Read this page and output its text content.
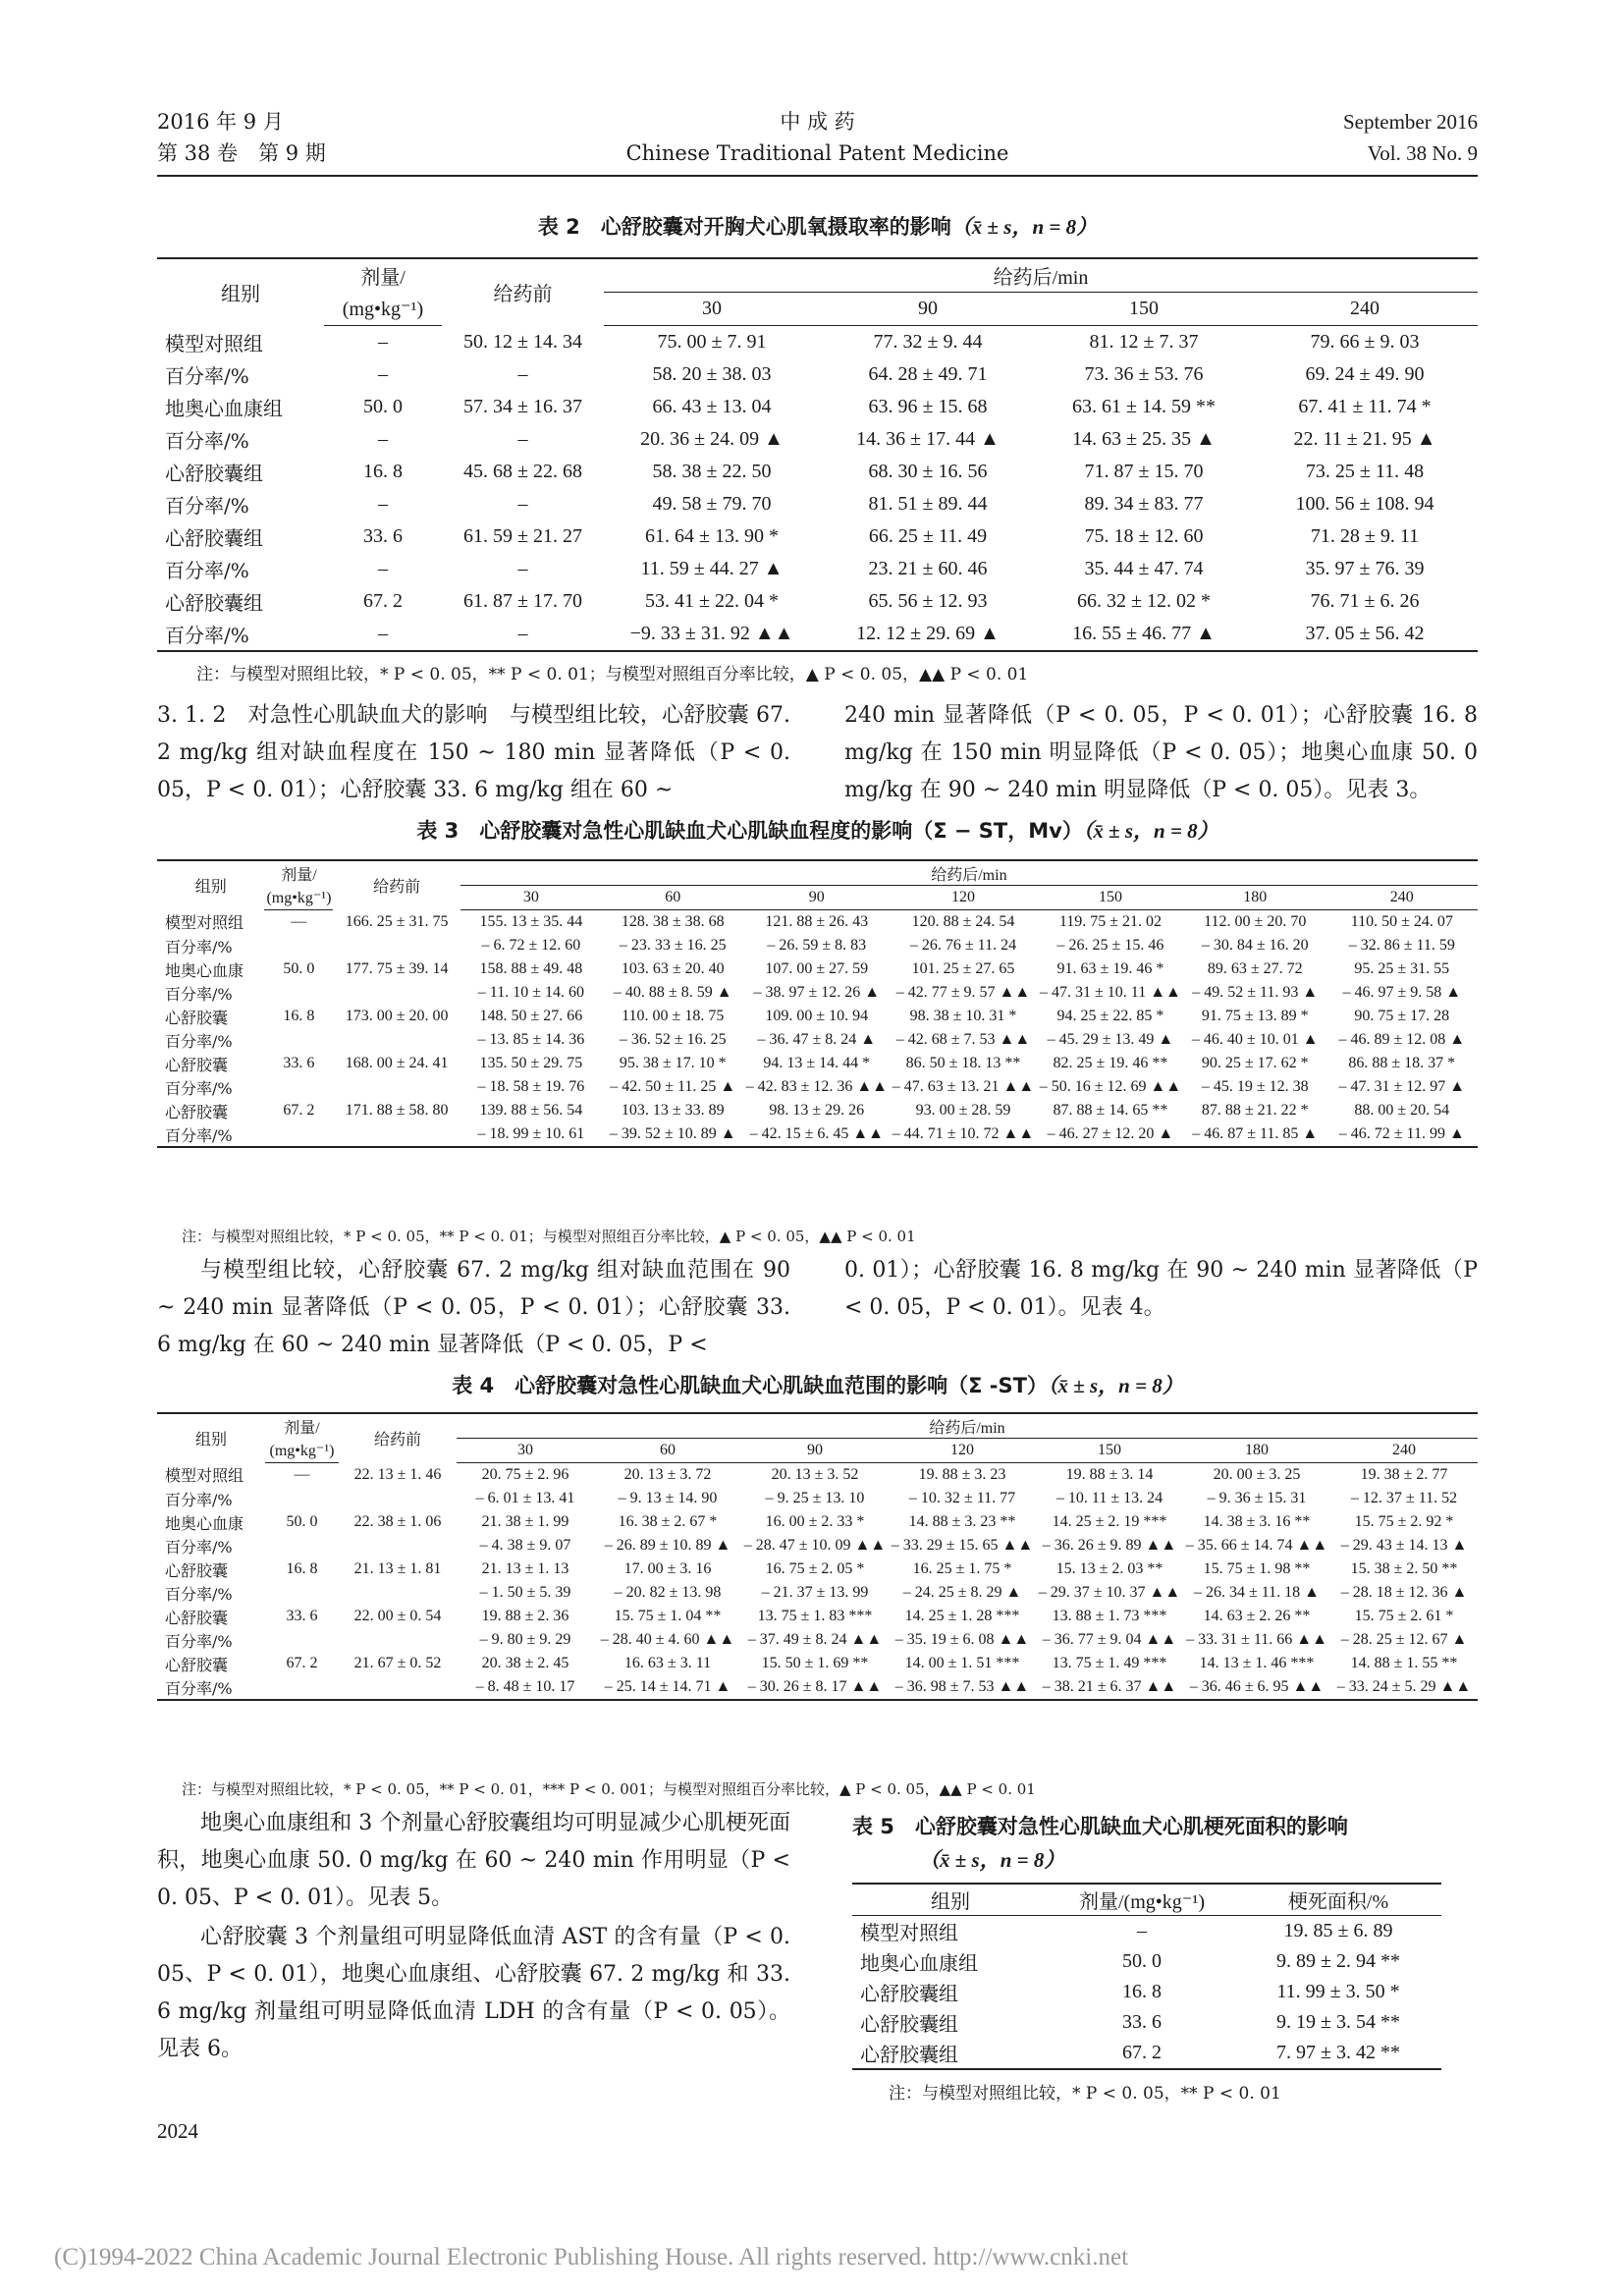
2016 年 9 月
第 38 卷　第 9 期
中 成 药
Chinese Traditional Patent Medicine
September 2016
Vol. 38 No. 9
表 2　心舒胶囊对开胸犬心肌氧摄取率的影响（x̄ ± s，n = 8）
组别	剂量/	给药前	给药后/min			
	(mg•kg⁻¹)		30	90	150	240
模型对照组	–	50. 12 ± 14. 34	75. 00 ± 7. 91	77. 32 ± 9. 44	81. 12 ± 7. 37	79. 66 ± 9. 03
百分率/%	–	–	58. 20 ± 38. 03	64. 28 ± 49. 71	73. 36 ± 53. 76	69. 24 ± 49. 90
地奥心血康组	50. 0	57. 34 ± 16. 37	66. 43 ± 13. 04	63. 96 ± 15. 68	63. 61 ± 14. 59 **	67. 41 ± 11. 74 *
百分率/%	–	–	20. 36 ± 24. 09 ▲	14. 36 ± 17. 44 ▲	14. 63 ± 25. 35 ▲	22. 11 ± 21. 95 ▲
心舒胶囊组	16. 8	45. 68 ± 22. 68	58. 38 ± 22. 50	68. 30 ± 16. 56	71. 87 ± 15. 70	73. 25 ± 11. 48
百分率/%	–	–	49. 58 ± 79. 70	81. 51 ± 89. 44	89. 34 ± 83. 77	100. 56 ± 108. 94
心舒胶囊组	33. 6	61. 59 ± 21. 27	61. 64 ± 13. 90 *	66. 25 ± 11. 49	75. 18 ± 12. 60	71. 28 ± 9. 11
百分率/%	–	–	11. 59 ± 44. 27 ▲	23. 21 ± 60. 46	35. 44 ± 47. 74	35. 97 ± 76. 39
心舒胶囊组	67. 2	61. 87 ± 17. 70	53. 41 ± 22. 04 *	65. 56 ± 12. 93	66. 32 ± 12. 02 *	76. 71 ± 6. 26
百分率/%	–	–	−9. 33 ± 31. 92 ▲▲	12. 12 ± 29. 69 ▲	16. 55 ± 46. 77 ▲	37. 05 ± 56. 42
注：与模型对照组比较，* P < 0. 05，** P < 0. 01；与模型对照组百分率比较，▲ P < 0. 05，▲▲ P < 0. 01

3. 1. 2　对急性心肌缺血犬的影响　与模型组比较，心舒胶囊 67. 2 mg/kg 组对缺血程度在 150 ~ 180 min 显著降低（P < 0. 05，P < 0. 01）；心舒胶囊 33. 6 mg/kg 组在 60 ~

240 min 显著降低（P < 0. 05，P < 0. 01）；心舒胶囊 16. 8 mg/kg 在 150 min 明显降低（P < 0. 05）；地奥心血康 50. 0 mg/kg 在 90 ~ 240 min 明显降低（P < 0. 05）。见表 3。

表 3　心舒胶囊对急性心肌缺血犬心肌缺血程度的影响（Σ − ST，Mv）（x̄ ± s，n = 8）
组别	剂量/	给药前	给药后/min						
	(mg•kg⁻¹)		30	60	90	120	150	180	240
模型对照组	—	166. 25 ± 31. 75	155. 13 ± 35. 44	128. 38 ± 38. 68	121. 88 ± 26. 43	120. 88 ± 24. 54	119. 75 ± 21. 02	112. 00 ± 20. 70	110. 50 ± 24. 07
百分率/%			– 6. 72 ± 12. 60	– 23. 33 ± 16. 25	– 26. 59 ± 8. 83	– 26. 76 ± 11. 24	– 26. 25 ± 15. 46	– 30. 84 ± 16. 20	– 32. 86 ± 11. 59
地奥心血康	50. 0	177. 75 ± 39. 14	158. 88 ± 49. 48	103. 63 ± 20. 40	107. 00 ± 27. 59	101. 25 ± 27. 65	91. 63 ± 19. 46 *	89. 63 ± 27. 72	95. 25 ± 31. 55
百分率/%			– 11. 10 ± 14. 60	– 40. 88 ± 8. 59 ▲	– 38. 97 ± 12. 26 ▲	– 42. 77 ± 9. 57 ▲▲	– 47. 31 ± 10. 11 ▲▲	– 49. 52 ± 11. 93 ▲	– 46. 97 ± 9. 58 ▲
心舒胶囊	16. 8	173. 00 ± 20. 00	148. 50 ± 27. 66	110. 00 ± 18. 75	109. 00 ± 10. 94	98. 38 ± 10. 31 *	94. 25 ± 22. 85 *	91. 75 ± 13. 89 *	90. 75 ± 17. 28
百分率/%			– 13. 85 ± 14. 36	– 36. 52 ± 16. 25	– 36. 47 ± 8. 24 ▲	– 42. 68 ± 7. 53 ▲▲	– 45. 29 ± 13. 49 ▲	– 46. 40 ± 10. 01 ▲	– 46. 89 ± 12. 08 ▲
心舒胶囊	33. 6	168. 00 ± 24. 41	135. 50 ± 29. 75	95. 38 ± 17. 10 *	94. 13 ± 14. 44 *	86. 50 ± 18. 13 **	82. 25 ± 19. 46 **	90. 25 ± 17. 62 *	86. 88 ± 18. 37 *
百分率/%			– 18. 58 ± 19. 76	– 42. 50 ± 11. 25 ▲	– 42. 83 ± 12. 36 ▲▲	– 47. 63 ± 13. 21 ▲▲	– 50. 16 ± 12. 69 ▲▲	– 45. 19 ± 12. 38	– 47. 31 ± 12. 97 ▲
心舒胶囊	67. 2	171. 88 ± 58. 80	139. 88 ± 56. 54	103. 13 ± 33. 89	98. 13 ± 29. 26	93. 00 ± 28. 59	87. 88 ± 14. 65 **	87. 88 ± 21. 22 *	88. 00 ± 20. 54
百分率/%			– 18. 99 ± 10. 61	– 39. 52 ± 10. 89 ▲	– 42. 15 ± 6. 45 ▲▲	– 44. 71 ± 10. 72 ▲▲	– 46. 27 ± 12. 20 ▲	– 46. 87 ± 11. 85 ▲	– 46. 72 ± 11. 99 ▲
注：与模型对照组比较，* P < 0. 05，** P < 0. 01；与模型对照组百分率比较，▲ P < 0. 05，▲▲ P < 0. 01

与模型组比较，心舒胶囊 67. 2 mg/kg 组对缺血范围在 90 ~ 240 min 显著降低（P < 0. 05，P < 0. 01）；心舒胶囊 33. 6 mg/kg 在 60 ~ 240 min 显著降低（P < 0. 05，P <

0. 01）；心舒胶囊 16. 8 mg/kg 在 90 ~ 240 min 显著降低（P < 0. 05，P < 0. 01）。见表 4。

表 4　心舒胶囊对急性心肌缺血犬心肌缺血范围的影响（Σ -ST）（x̄ ± s，n = 8）
组别	剂量/	给药前	给药后/min						
	(mg•kg⁻¹)		30	60	90	120	150	180	240
模型对照组	—	22. 13 ± 1. 46	20. 75 ± 2. 96	20. 13 ± 3. 72	20. 13 ± 3. 52	19. 88 ± 3. 23	19. 88 ± 3. 14	20. 00 ± 3. 25	19. 38 ± 2. 77
百分率/%			– 6. 01 ± 13. 41	– 9. 13 ± 14. 90	– 9. 25 ± 13. 10	– 10. 32 ± 11. 77	– 10. 11 ± 13. 24	– 9. 36 ± 15. 31	– 12. 37 ± 11. 52
地奥心血康	50. 0	22. 38 ± 1. 06	21. 38 ± 1. 99	16. 38 ± 2. 67 *	16. 00 ± 2. 33 *	14. 88 ± 3. 23 **	14. 25 ± 2. 19 ***	14. 38 ± 3. 16 **	15. 75 ± 2. 92 *
百分率/%			– 4. 38 ± 9. 07	– 26. 89 ± 10. 89 ▲	– 28. 47 ± 10. 09 ▲▲	– 33. 29 ± 15. 65 ▲▲	– 36. 26 ± 9. 89 ▲▲	– 35. 66 ± 14. 74 ▲▲	– 29. 43 ± 14. 13 ▲
心舒胶囊	16. 8	21. 13 ± 1. 81	21. 13 ± 1. 13	17. 00 ± 3. 16	16. 75 ± 2. 05 *	16. 25 ± 1. 75 *	15. 13 ± 2. 03 **	15. 75 ± 1. 98 **	15. 38 ± 2. 50 **
百分率/%			– 1. 50 ± 5. 39	– 20. 82 ± 13. 98	– 21. 37 ± 13. 99	– 24. 25 ± 8. 29 ▲	– 29. 37 ± 10. 37 ▲▲	– 26. 34 ± 11. 18 ▲	– 28. 18 ± 12. 36 ▲
心舒胶囊	33. 6	22. 00 ± 0. 54	19. 88 ± 2. 36	15. 75 ± 1. 04 **	13. 75 ± 1. 83 ***	14. 25 ± 1. 28 ***	13. 88 ± 1. 73 ***	14. 63 ± 2. 26 **	15. 75 ± 2. 61 *
百分率/%			– 9. 80 ± 9. 29	– 28. 40 ± 4. 60 ▲▲	– 37. 49 ± 8. 24 ▲▲	– 35. 19 ± 6. 08 ▲▲	– 36. 77 ± 9. 04 ▲▲	– 33. 31 ± 11. 66 ▲▲	– 28. 25 ± 12. 67 ▲
心舒胶囊	67. 2	21. 67 ± 0. 52	20. 38 ± 2. 45	16. 63 ± 3. 11	15. 50 ± 1. 69 **	14. 00 ± 1. 51 ***	13. 75 ± 1. 49 ***	14. 13 ± 1. 46 ***	14. 88 ± 1. 55 **
百分率/%			– 8. 48 ± 10. 17	– 25. 14 ± 14. 71 ▲	– 30. 26 ± 8. 17 ▲▲	– 36. 98 ± 7. 53 ▲▲	– 38. 21 ± 6. 37 ▲▲	– 36. 46 ± 6. 95 ▲▲	– 33. 24 ± 5. 29 ▲▲
注：与模型对照组比较，* P < 0. 05，** P < 0. 01，*** P < 0. 001；与模型对照组百分率比较，▲ P < 0. 05，▲▲ P < 0. 01

地奥心血康组和 3 个剂量心舒胶囊组均可明显减少心肌梗死面积，地奥心血康 50. 0 mg/kg 在 60 ~ 240 min 作用明显（P < 0. 05、P < 0. 01）。见表 5。

心舒胶囊 3 个剂量组可明显降低血清 AST 的含有量（P < 0. 05、P < 0. 01），地奥心血康组、心舒胶囊 67. 2 mg/kg 和 33. 6 mg/kg 剂量组可明显降低血清 LDH 的含有量（P < 0. 05）。见表 6。

表 5　心舒胶囊对急性心肌缺血犬心肌梗死面积的影响
（x̄ ± s，n = 8）
组别	剂量/(mg•kg⁻¹)	梗死面积/%
模型对照组	–	19. 85 ± 6. 89
地奥心血康组	50. 0	9. 89 ± 2. 94 **
心舒胶囊组	16. 8	11. 99 ± 3. 50 *
心舒胶囊组	33. 6	9. 19 ± 3. 54 **
心舒胶囊组	67. 2	7. 97 ± 3. 42 **
注：与模型对照组比较，* P < 0. 05，** P < 0. 01
2024
(C)1994-2022 China Academic Journal Electronic Publishing House. All rights reserved. http://www.cnki.net
